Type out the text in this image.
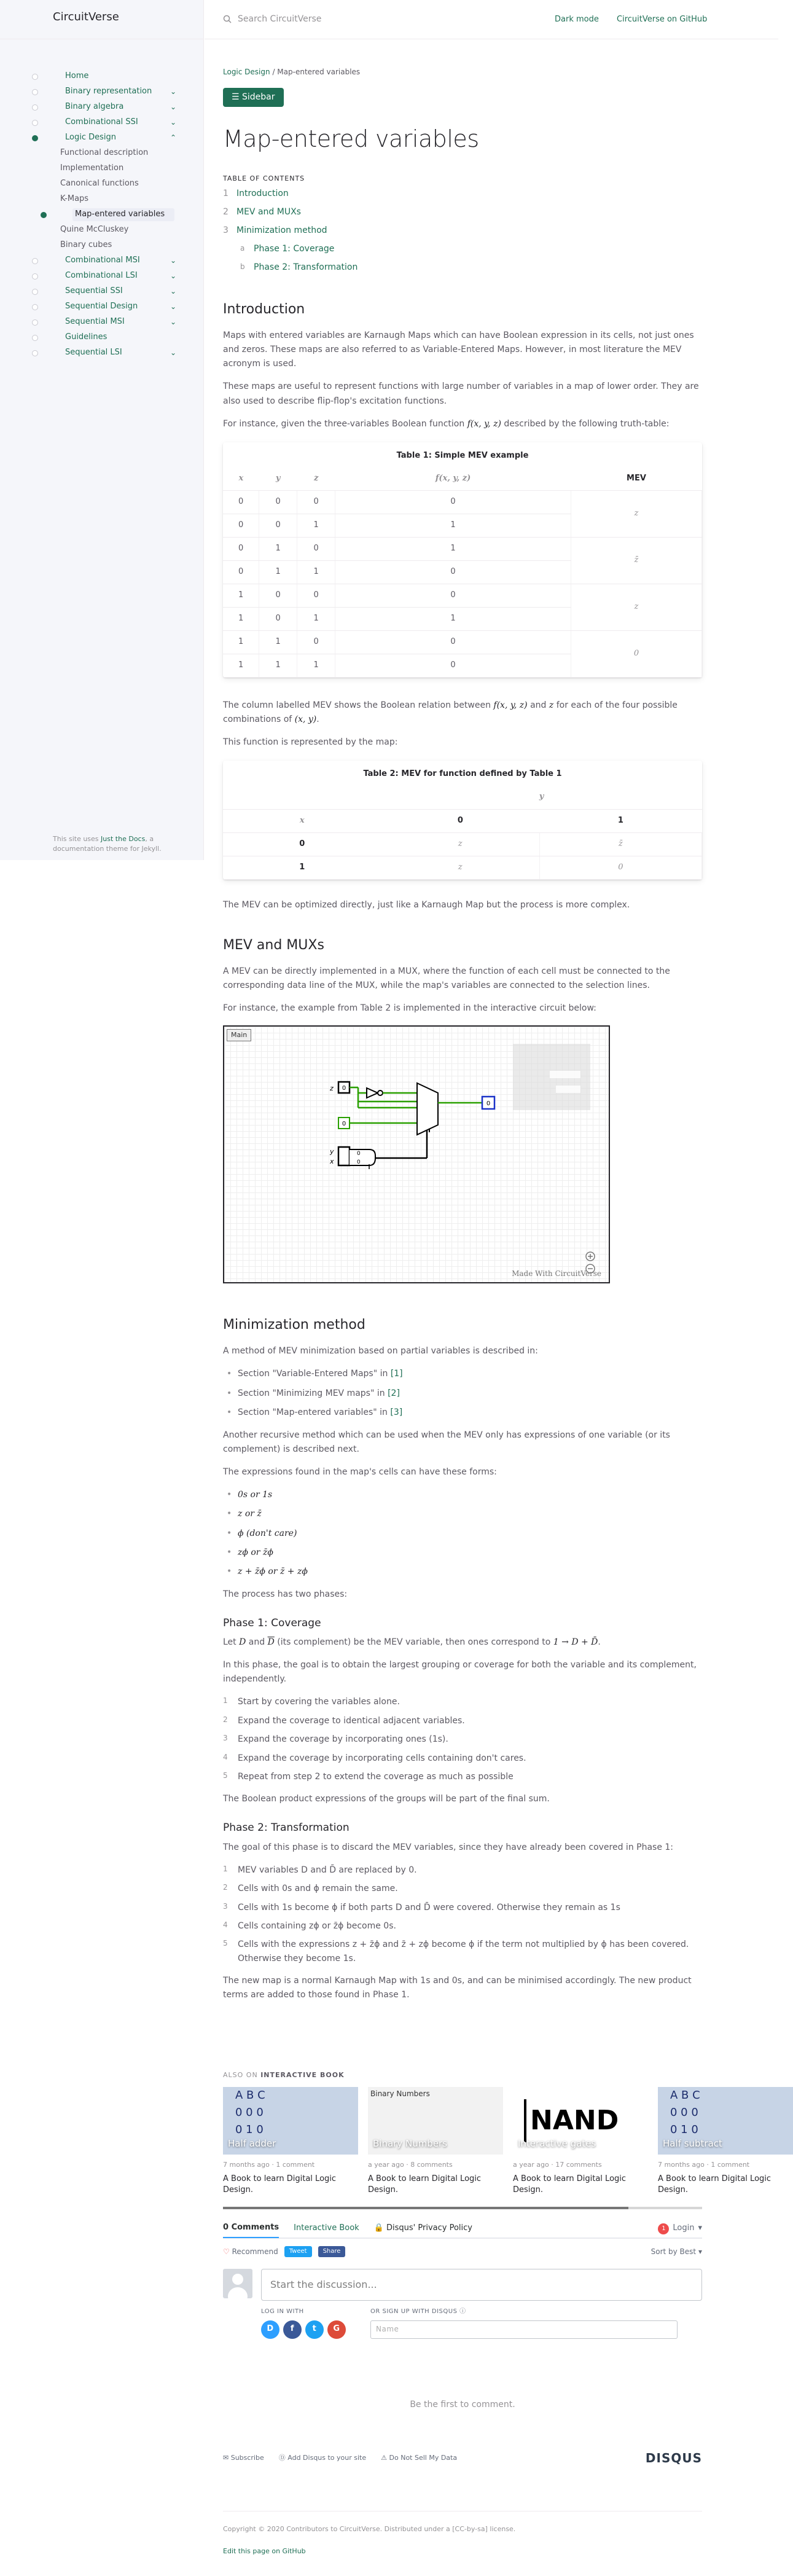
CircuitVerse
Home
Binary representation ⌄
Binary algebra	⌄
Combinational SSI	⌄
Logic Design	⌃
Functional description
Implementation
Canonical functions
K-Maps
Map-entered variables
Quine McCluskey
Binary cubes
Combinational MSI	⌄
Combinational LSI	⌄
Sequential SSI	⌄
Sequential Design	⌄
Sequential MSI	⌄
Guidelines
Sequential LSI	⌄
This site uses Just the Docs, a documentation theme for Jekyll.
Search CircuitVerse	Dark mode CircuitVerse on GitHub
Logic Design / Map-entered variables
☰ Sidebar
Map-entered variables
TABLE OF CONTENTS
1 Introduction
2 MEV and MUXs
3 Minimization method
a	Phase 1: Coverage
b	Phase 2: Transformation
Introduction

Maps with entered variables are Karnaugh Maps which can have Boolean expression in its cells, not just ones and zeros. These maps are also referred to as Variable-Entered Maps. However, in most literature the MEV acronym is used.

These maps are useful to represent functions with large number of variables in a map of lower order. They are also used to describe flip-flop's excitation functions.

For instance, given the three-variables Boolean function f(x, y, z) described by the following truth-table:

Table 1: Simple MEV example
x	y	z	f(x, y, z)	MEV
0	0	0	0	z
0	0	1	1	
0	1	0	1	z̄
0	1	1	0	
1	0	0	0	z
1	0	1	1	
1	1	0	0	0
1	1	1	0	

The column labelled MEV shows the Boolean relation between f(x, y, z) and z for each of the four possible combinations of (x, y).

This function is represented by the map:

Table 2: MEV for function defined by Table 1
	y	
x	0	1
0	z	z̄
1	z	0

The MEV can be optimized directly, just like a Karnaugh Map but the process is more complex.

MEV and MUXs

A MEV can be directly implemented in a MUX, where the function of each cell must be connected to the corresponding data line of the MUX, while the map's variables are connected to the selection lines.

For instance, the example from Table 2 is implemented in the interactive circuit below:

Main
0
z
0
0
y
x
0
0
Made With CircuitVerse
Minimization method

A method of MEV minimization based on partial variables is described in:

• Section "Variable-Entered Maps" in [1]
• Section "Minimizing MEV maps" in [2]
• Section "Map-entered variables" in [3]

Another recursive method which can be used when the MEV only has expressions of one variable (or its complement) is described next.

The expressions found in the map's cells can have these forms:

• 0s or 1s
• z or z̄
• ϕ (don't care)
• zϕ or z̄ϕ
• z + z̄ϕ or z̄ + zϕ

The process has two phases:

Phase 1: Coverage

Let D and $\overline{D}$ (its complement) be the MEV variable, then ones correspond to 1 → D + D̄.

In this phase, the goal is to obtain the largest grouping or coverage for both the variable and its complement, independently.

1 Start by covering the variables alone.
2 Expand the coverage to identical adjacent variables.
3 Expand the coverage by incorporating ones (1s).
4 Expand the coverage by incorporating cells containing don't cares.
5 Repeat from step 2 to extend the coverage as much as possible

The Boolean product expressions of the groups will be part of the final sum.

Phase 2: Transformation

The goal of this phase is to discard the MEV variables, since they have already been covered in Phase 1:

1 MEV variables D and D̄ are replaced by 0.
2 Cells with 0s and ϕ remain the same.
3 Cells with 1s become ϕ if both parts D and D̄ were covered. Otherwise they remain as 1s
4 Cells containing zϕ or z̄ϕ become 0s.
5 Cells with the expressions z + z̄ϕ and z̄ + zϕ become ϕ if the term not multiplied by ϕ has been covered. Otherwise they become 1s.

The new map is a normal Karnaugh Map with 1s and 0s, and can be minimised accordingly. The new product terms are added to those found in Phase 1.

ALSO ON INTERACTIVE BOOK
A B C
0 0 0
0 1 0
Half adder
7 months ago · 1 comment
A Book to learn Digital Logic Design.
Binary Numbers
Binary Numbers
a year ago · 8 comments
A Book to learn Digital Logic Design.
NAND
Interactive gates
a year ago · 17 comments
A Book to learn Digital Logic Design.
A B C
0 0 0
0 1 0
Half subtract
7 months ago · 1 comment
A Book to learn Digital Logic Design.
0 Comments Interactive Book 🔒 Disqus' Privacy Policy	1 Login ▾
♡ Recommend	Tweet	Share	Sort by Best ▾
Start the discussion...
LOG IN WITH
D	f	t	G
OR SIGN UP WITH DISQUS ⓘ
Name
Be the first to comment.
✉ Subscribe Ⓓ Add Disqus to your site ⚠ Do Not Sell My Data	DISQUS
Copyright © 2020 Contributors to CircuitVerse. Distributed under a [CC-by-sa] license.
Edit this page on GitHub
